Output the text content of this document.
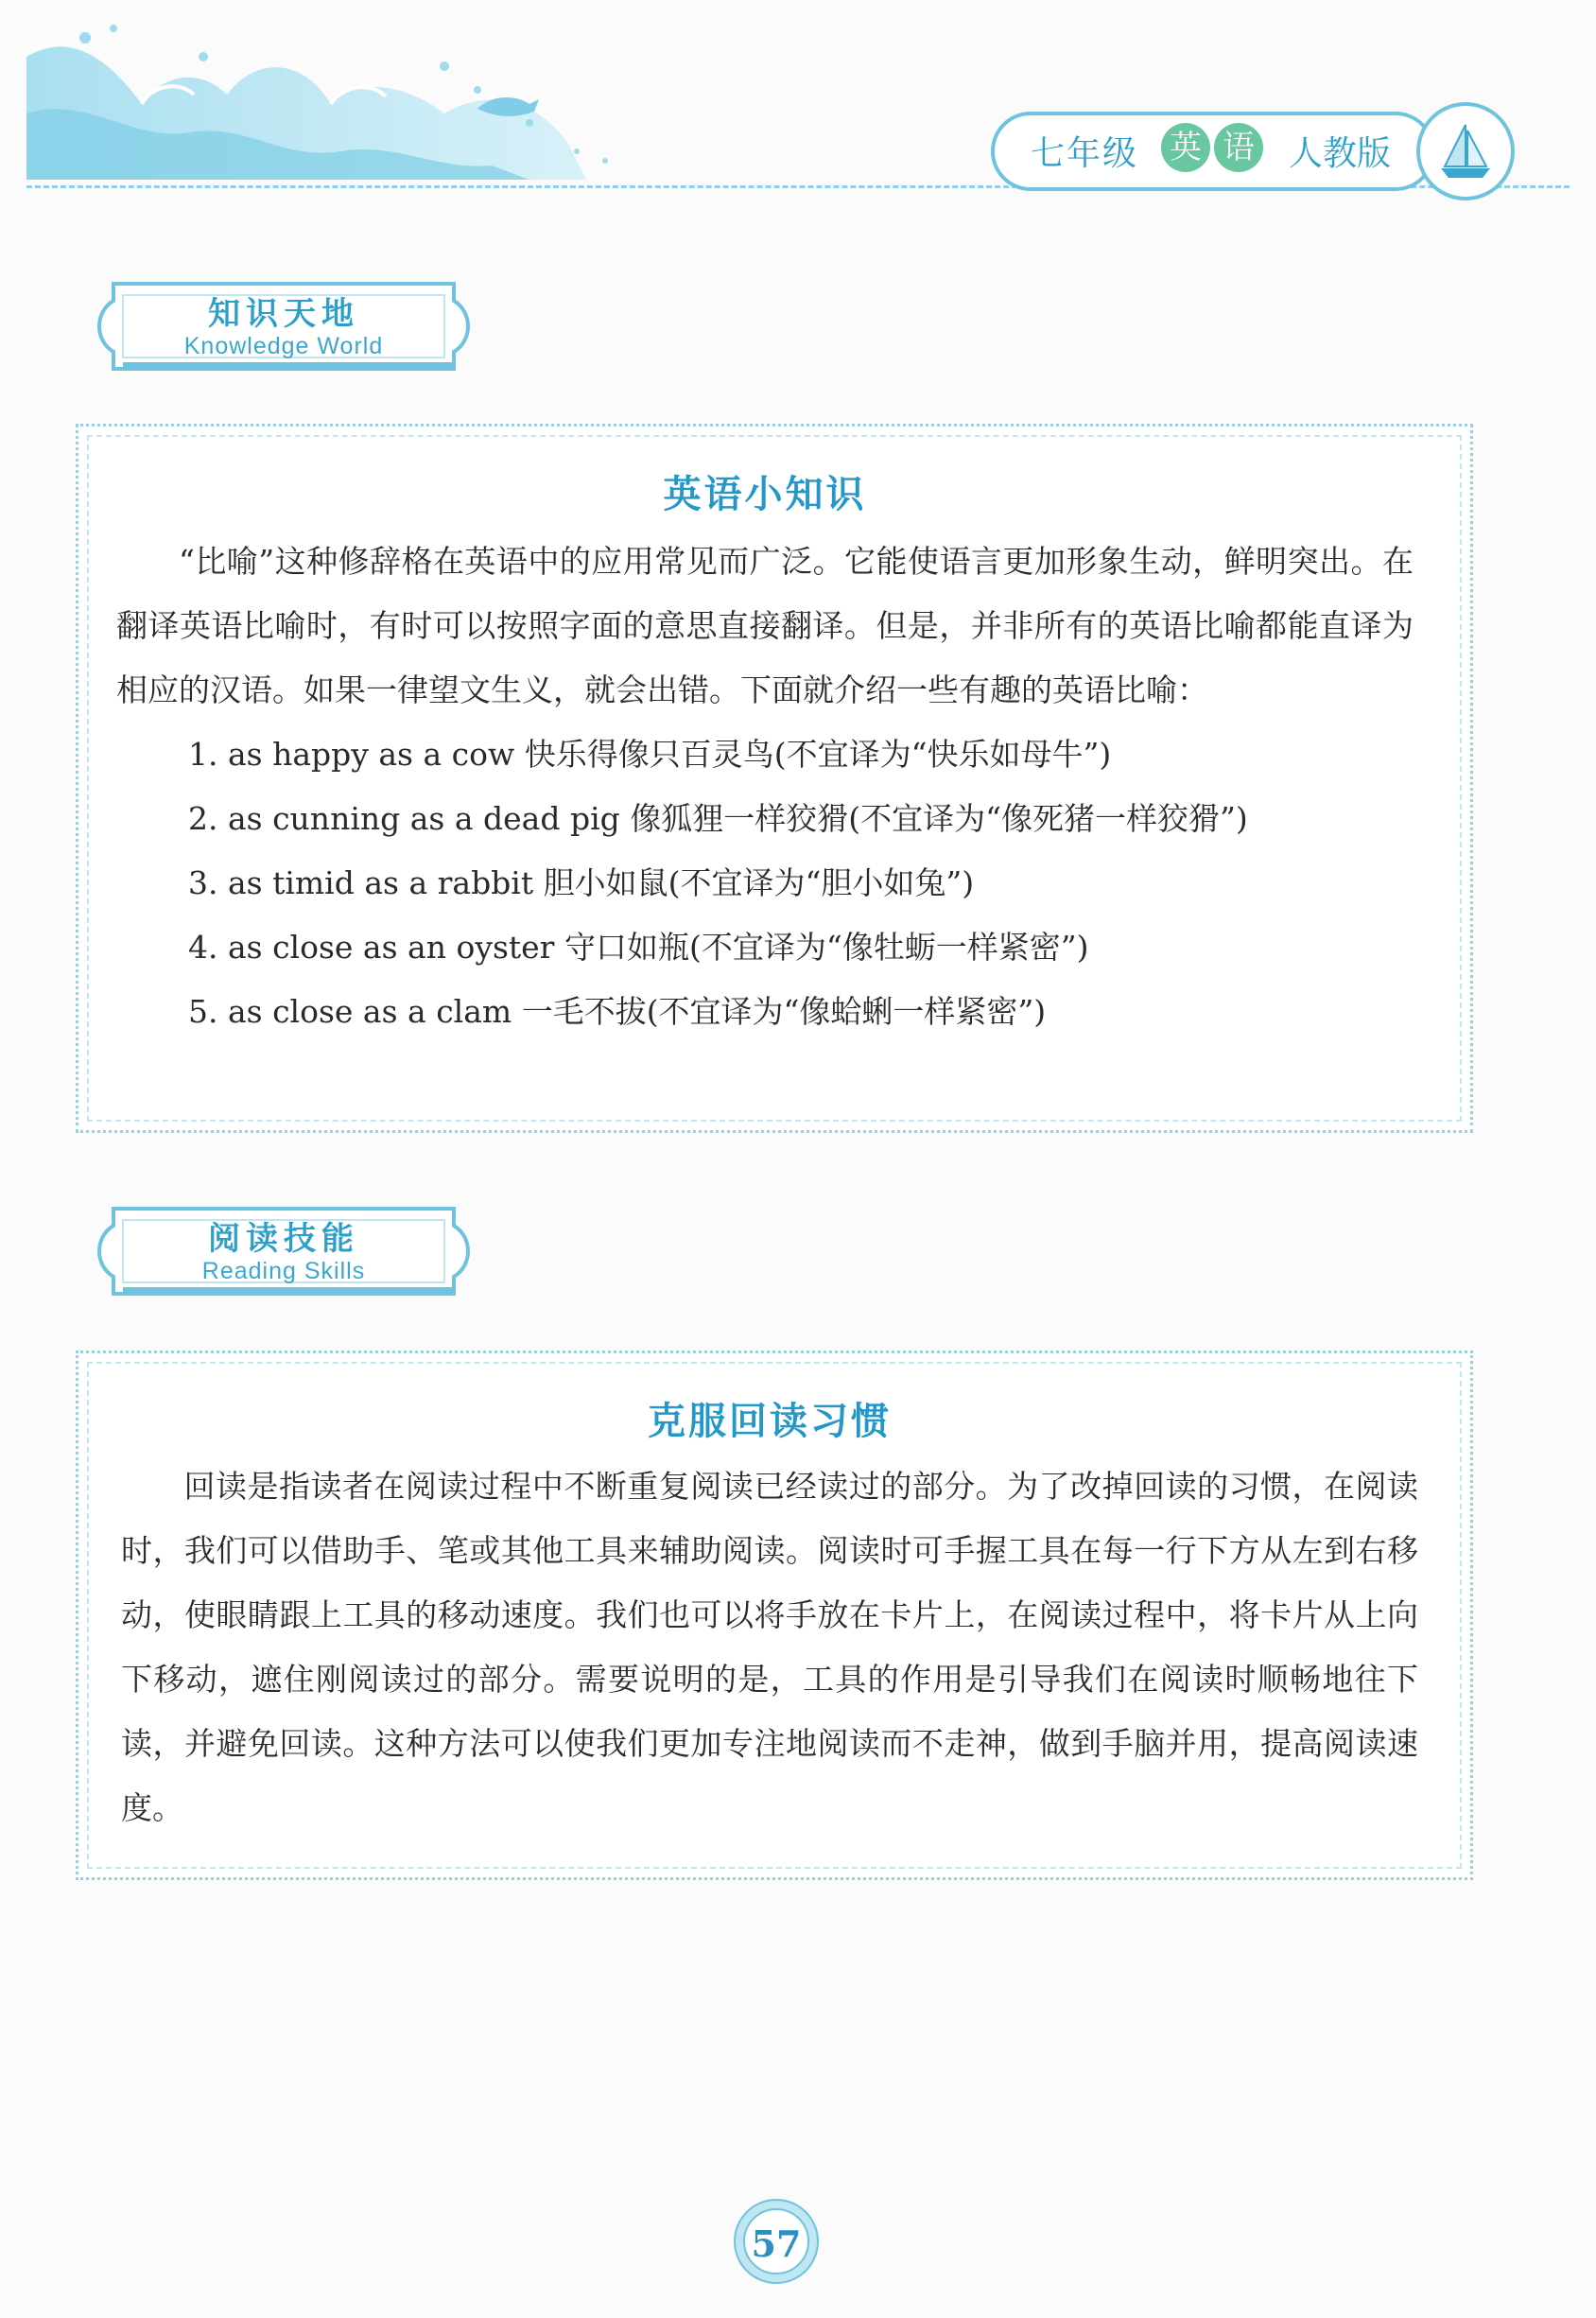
七年级 英 语 人教版
知识天地
Knowledge World
英语小知识

“比喻”这种修辞格在英语中的应用常见而广泛。它能使语言更加形象生动，鲜明突出。在翻译英语比喻时，有时可以按照字面的意思直接翻译。但是，并非所有的英语比喻都能直译为相应的汉语。如果一律望文生义，就会出错。下面就介绍一些有趣的英语比喻：

1. as happy as a cow 快乐得像只百灵鸟(不宜译为“快乐如母牛”)
2. as cunning as a dead pig 像狐狸一样狡猾(不宜译为“像死猪一样狡猾”)
3. as timid as a rabbit 胆小如鼠(不宜译为“胆小如兔”)
4. as close as an oyster 守口如瓶(不宜译为“像牡蛎一样紧密”)
5. as close as a clam 一毛不拔(不宜译为“像蛤蜊一样紧密”)
阅读技能
Reading Skills
克服回读习惯

回读是指读者在阅读过程中不断重复阅读已经读过的部分。为了改掉回读的习惯，在阅读时，我们可以借助手、笔或其他工具来辅助阅读。阅读时可手握工具在每一行下方从左到右移动，使眼睛跟上工具的移动速度。我们也可以将手放在卡片上，在阅读过程中，将卡片从上向下移动，遮住刚阅读过的部分。需要说明的是，工具的作用是引导我们在阅读时顺畅地往下读，并避免回读。这种方法可以使我们更加专注地阅读而不走神，做到手脑并用，提高阅读速度。

57
